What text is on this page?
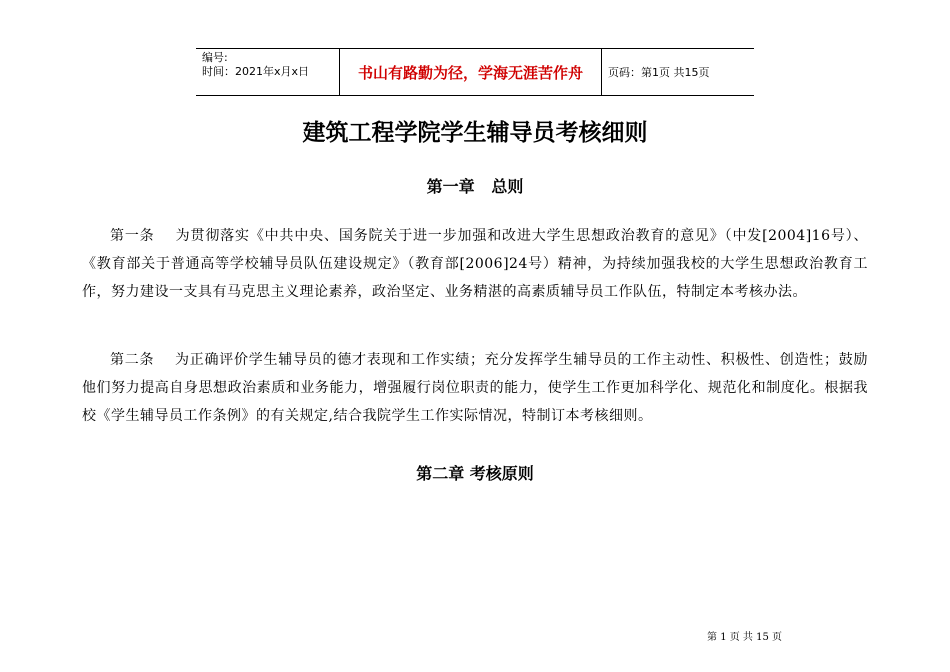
编号:
时间：2021年x月x日	书山有路勤为径，学海无涯苦作舟	页码：第1页 共15页
建筑工程学院学生辅导员考核细则
第一章   总则

第一条    为贯彻落实《中共中央、国务院关于进一步加强和改进大学生思想政治教育的意见》（中发[2004]16号）、《教育部关于普通高等学校辅导员队伍建设规定》（教育部[2006]24号）精神，为持续加强我校的大学生思想政治教育工作，努力建设一支具有马克思主义理论素养，政治坚定、业务精湛的高素质辅导员工作队伍，特制定本考核办法。

第二条    为正确评价学生辅导员的德才表现和工作实绩；充分发挥学生辅导员的工作主动性、积极性、创造性；鼓励他们努力提高自身思想政治素质和业务能力，增强履行岗位职责的能力，使学生工作更加科学化、规范化和制度化。根据我校《学生辅导员工作条例》的有关规定,结合我院学生工作实际情况，特制订本考核细则。

第二章 考核原则
第 1 页 共 15 页
